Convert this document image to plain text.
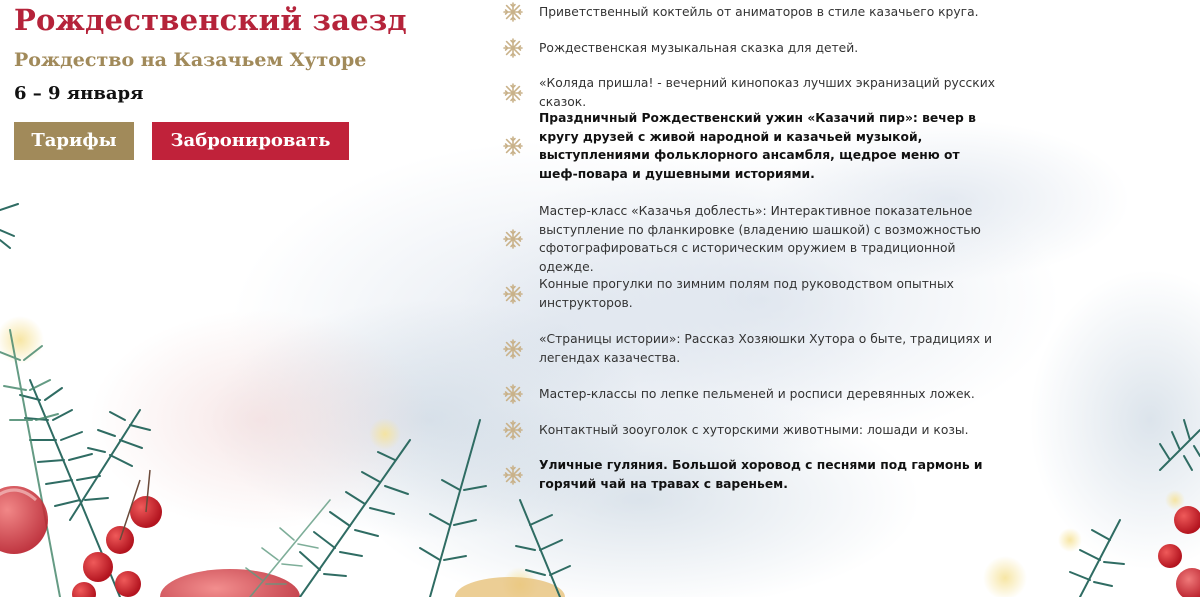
Рождественский заезд
Рождество на Казачьем Хуторе
6 – 9 января
Тарифы	Забронировать
Приветственный коктейль от аниматоров в стиле казачьего круга.
Рождественская музыкальная сказка для детей.
«Коляда пришла! - вечерний кинопоказ лучших экранизаций русских сказок.
Праздничный Рождественский ужин «Казачий пир»: вечер в кругу друзей с живой народной и казачьей музыкой, выступлениями фольклорного ансамбля, щедрое меню от шеф-повара и душевными историями.
Мастер-класс «Казачья доблесть»: Интерактивное показательное выступление по фланкировке (владению шашкой) с возможностью сфотографироваться с историческим оружием в традиционной одежде.
Конные прогулки по зимним полям под руководством опытных инструкторов.
«Страницы истории»: Рассказ Хозяюшки Хутора о быте, традициях и легендах казачества.
Мастер-классы по лепке пельменей и росписи деревянных ложек.
Контактный зооуголок с хуторскими животными: лошади и козы.
Уличные гуляния. Большой хоровод с песнями под гармонь и горячий чай на травах с вареньем.
